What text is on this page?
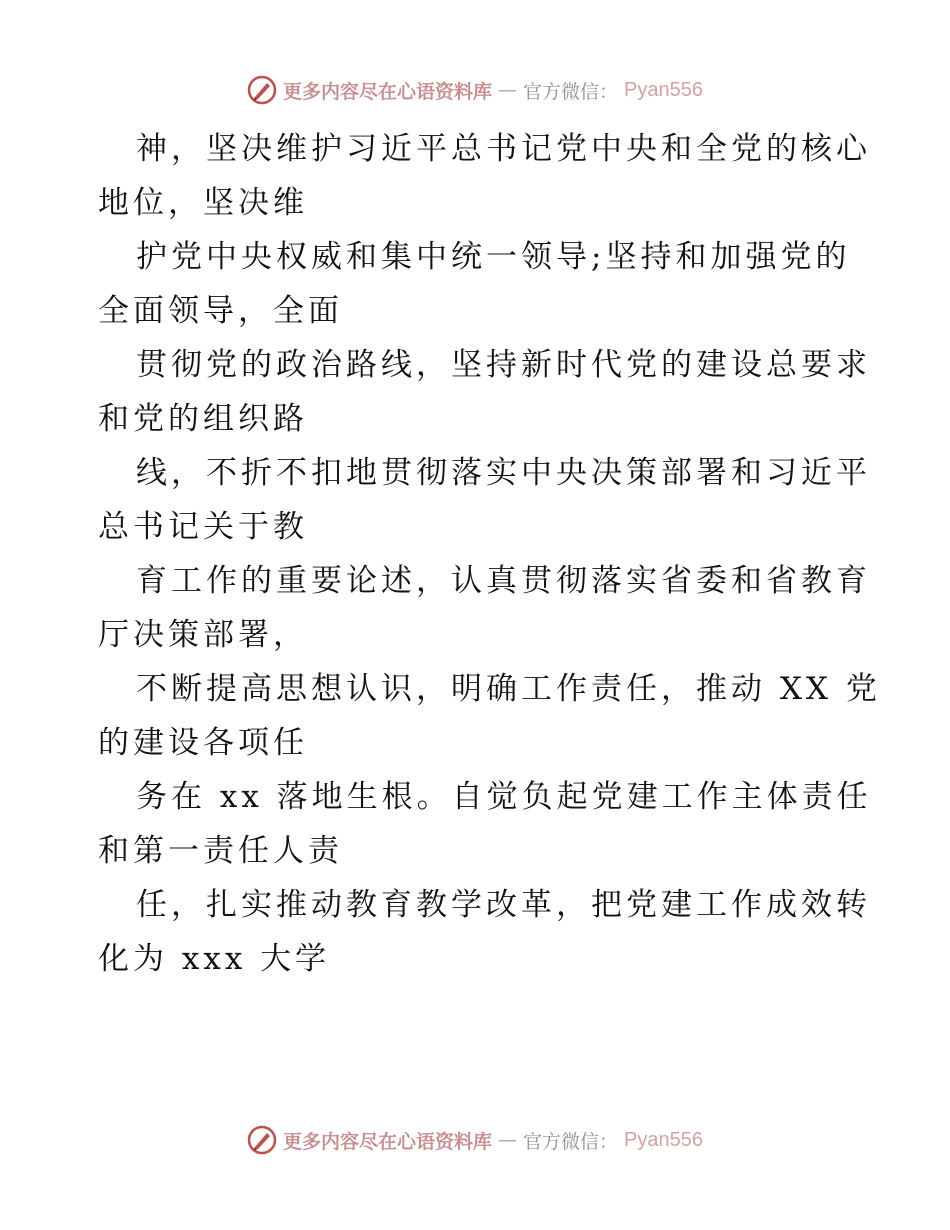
更多内容尽在心语资料库 — 官方微信： Pyan556
神，坚决维护习近平总书记党中央和全党的核心
地位，坚决维
护党中央权威和集中统一领导;坚持和加强党的
全面领导，全面
贯彻党的政治路线，坚持新时代党的建设总要求
和党的组织路
线，不折不扣地贯彻落实中央决策部署和习近平
总书记关于教
育工作的重要论述，认真贯彻落实省委和省教育
厅决策部署，
不断提高思想认识，明确工作责任，推动 XX 党
的建设各项任
务在 xx 落地生根。自觉负起党建工作主体责任
和第一责任人责
任，扎实推动教育教学改革，把党建工作成效转
化为 xxx 大学
更多内容尽在心语资料库 — 官方微信： Pyan556
